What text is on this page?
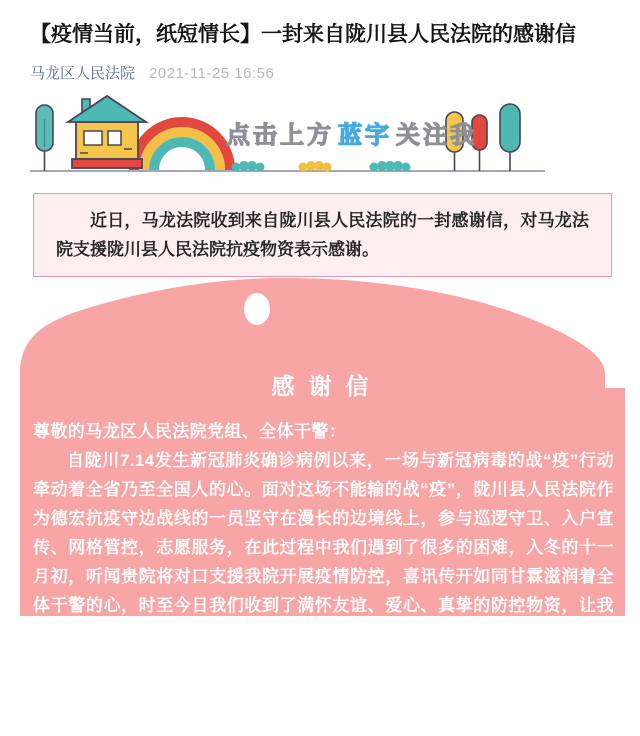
【疫情当前，纸短情长】一封来自陇川县人民法院的感谢信
马龙区人民法院 2021-11-25 16:56
点击上方 蓝字 关注我

近日，马龙法院收到来自陇川县人民法院的一封感谢信，对马龙法院支援陇川县人民法院抗疫物资表示感谢。

感谢信

尊敬的马龙区人民法院党组、全体干警：

自陇川7.14发生新冠肺炎确诊病例以来，一场与新冠病毒的战“疫”行动牵动着全省乃至全国人的心。面对这场不能输的战“疫”，陇川县人民法院作为德宏抗疫守边战线的一员坚守在漫长的边境线上，参与巡逻守卫、入户宣传、网格管控，志愿服务，在此过程中我们遇到了很多的困难，入冬的十一月初，听闻贵院将对口支援我院开展疫情防控，喜讯传开如同甘霖滋润着全体干警的心，时至今日我们收到了满怀友谊、爱心、真挚的防控物资，让我院全体干警更感受到了如同冬日里暖阳般的温暖关怀和支持。

您们将满天星辰般的爱心物资汇聚成爱的一团火，温暖陇川法院人。在这守边抗疫的关键时期，您们守望相助、爱心奉献、对口支援必将铸就德宏陇川法院人守边抗疫
